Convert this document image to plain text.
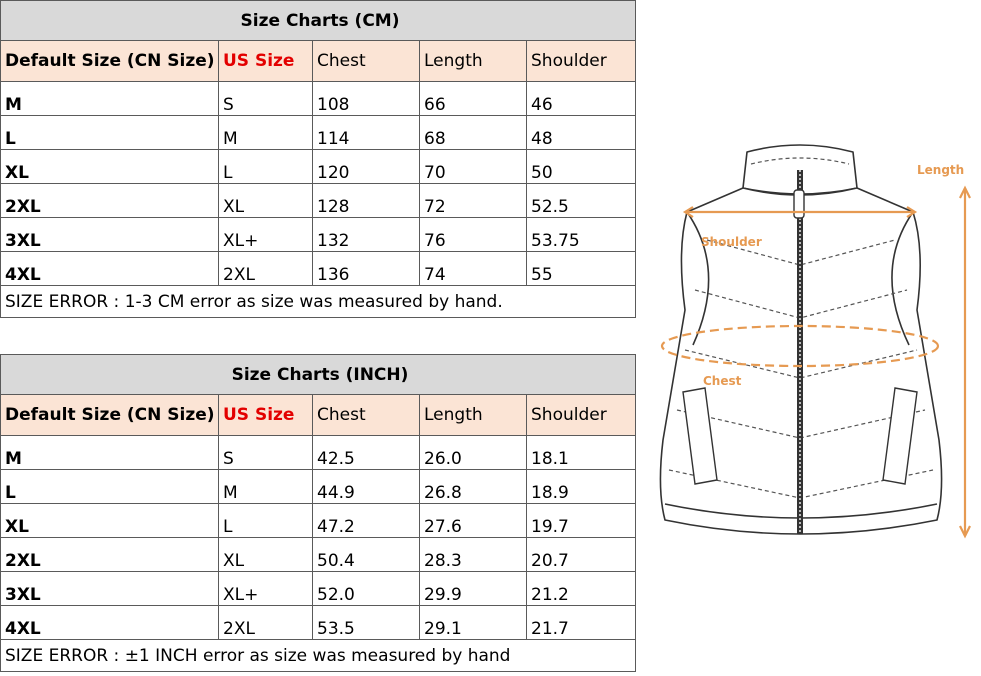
Size Charts (CM)				
Default Size (CN Size)	US Size	Chest	Length	Shoulder
M	S	108	66	46
L	M	114	68	48
XL	L	120	70	50
2XL	XL	128	72	52.5
3XL	XL+	132	76	53.75
4XL	2XL	136	74	55
SIZE ERROR : 1-3 CM error as size was measured by hand.				
Size Charts (INCH)				
Default Size (CN Size)	US Size	Chest	Length	Shoulder
M	S	42.5	26.0	18.1
L	M	44.9	26.8	18.9
XL	L	47.2	27.6	19.7
2XL	XL	50.4	28.3	20.7
3XL	XL+	52.0	29.9	21.2
4XL	2XL	53.5	29.1	21.7
SIZE ERROR : ±1 INCH error as size was measured by hand				
Length
Shoulder
Chest
